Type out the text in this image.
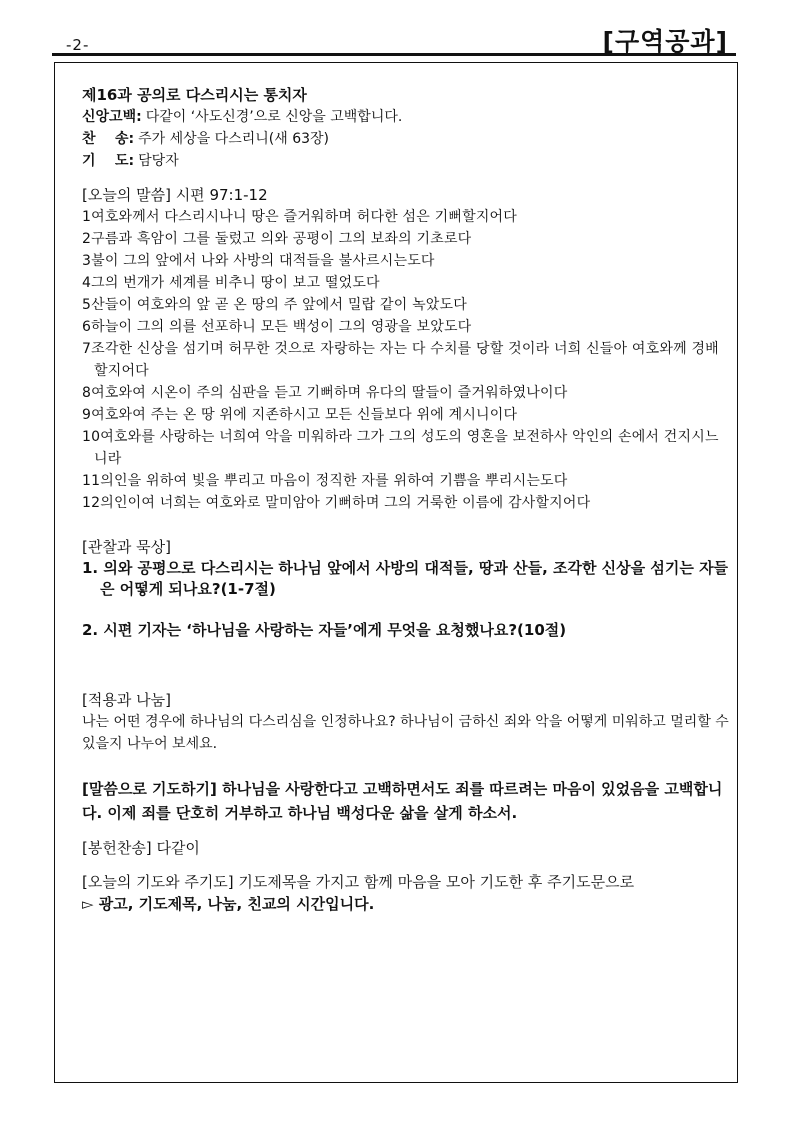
-2-	[구역공과]
제16과 공의로 다스리시는 통치자
신앙고백: 다같이 ‘사도신경’으로 신앙을 고백합니다.
찬    송: 주가 세상을 다스리니(새 63장)
기    도: 담당자
[오늘의 말씀] 시편 97:1-12
1여호와께서 다스리시나니 땅은 즐거워하며 허다한 섬은 기뻐할지어다
2구름과 흑암이 그를 둘렀고 의와 공평이 그의 보좌의 기초로다
3불이 그의 앞에서 나와 사방의 대적들을 불사르시는도다
4그의 번개가 세계를 비추니 땅이 보고 떨었도다
5산들이 여호와의 앞 곧 온 땅의 주 앞에서 밀랍 같이 녹았도다
6하늘이 그의 의를 선포하니 모든 백성이 그의 영광을 보았도다
7조각한 신상을 섬기며 허무한 것으로 자랑하는 자는 다 수치를 당할 것이라 너희 신들아 여호와께 경배할지어다
8여호와여 시온이 주의 심판을 듣고 기뻐하며 유다의 딸들이 즐거워하였나이다
9여호와여 주는 온 땅 위에 지존하시고 모든 신들보다 위에 계시니이다
10여호와를 사랑하는 너희여 악을 미워하라 그가 그의 성도의 영혼을 보전하사 악인의 손에서 건지시느니라
11의인을 위하여 빛을 뿌리고 마음이 정직한 자를 위하여 기쁨을 뿌리시는도다
12의인이여 너희는 여호와로 말미암아 기뻐하며 그의 거룩한 이름에 감사할지어다
[관찰과 묵상]
1. 의와 공평으로 다스리시는 하나님 앞에서 사방의 대적들, 땅과 산들, 조각한 신상을 섬기는 자들은 어떻게 되나요?(1-7절)
2. 시편 기자는 ‘하나님을 사랑하는 자들’에게 무엇을 요청했나요?(10절)
[적용과 나눔]
나는 어떤 경우에 하나님의 다스리심을 인정하나요? 하나님이 금하신 죄와 악을 어떻게 미워하고 멀리할 수 있을지 나누어 보세요.
[말씀으로 기도하기] 하나님을 사랑한다고 고백하면서도 죄를 따르려는 마음이 있었음을 고백합니다. 이제 죄를 단호히 거부하고 하나님 백성다운 삶을 살게 하소서.
[봉헌찬송] 다같이
[오늘의 기도와 주기도] 기도제목을 가지고 함께 마음을 모아 기도한 후 주기도문으로
▻ 광고, 기도제목, 나눔, 친교의 시간입니다.
